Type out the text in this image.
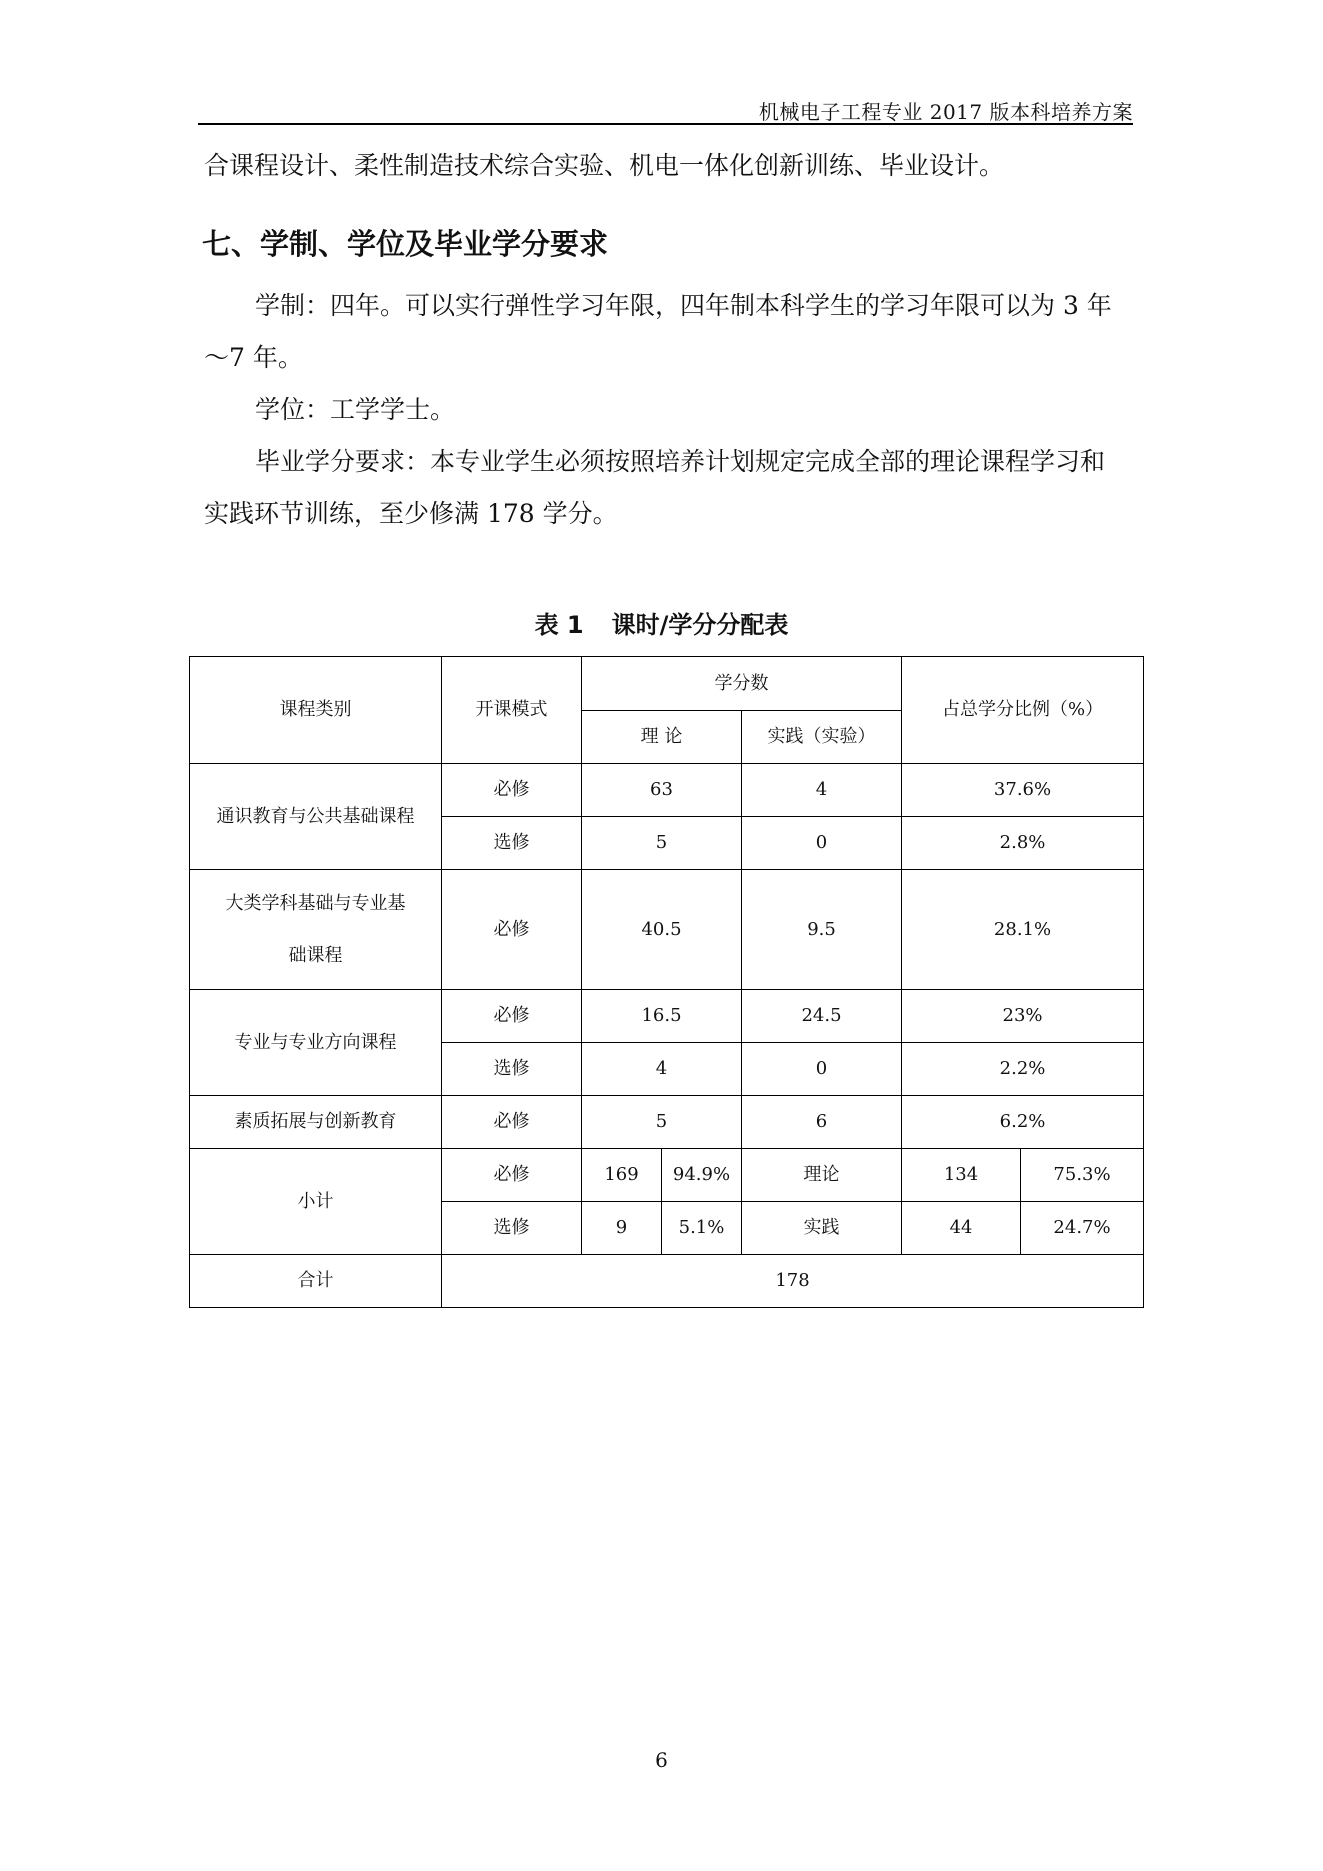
机械电子工程专业 2017 版本科培养方案

合课程设计、柔性制造技术综合实验、机电一体化创新训练、毕业设计。

七、学制、学位及毕业学分要求

学制：四年。可以实行弹性学习年限，四年制本科学生的学习年限可以为 3 年～7 年。

学位：工学学士。

毕业学分要求：本专业学生必须按照培养计划规定完成全部的理论课程学习和实践环节训练，至少修满 178 学分。

表 1 课时/学分分配表
课程类别	开课模式	学分数			占总学分比例（%）	
		理 论		实践（实验）		
通识教育与公共基础课程	必修	63		4	37.6%	
	选修	5		0	2.8%	

大类学科基础与专业基础课程	必修	40.5		9.5	28.1%	
专业与专业方向课程	必修	16.5		24.5	23%	
	选修	4		0	2.2%	
素质拓展与创新教育	必修	5		6	6.2%	
小计	必修	169	94.9%	理论	134	75.3%
	选修	9	5.1%	实践	44	24.7%
合计	178					
6
